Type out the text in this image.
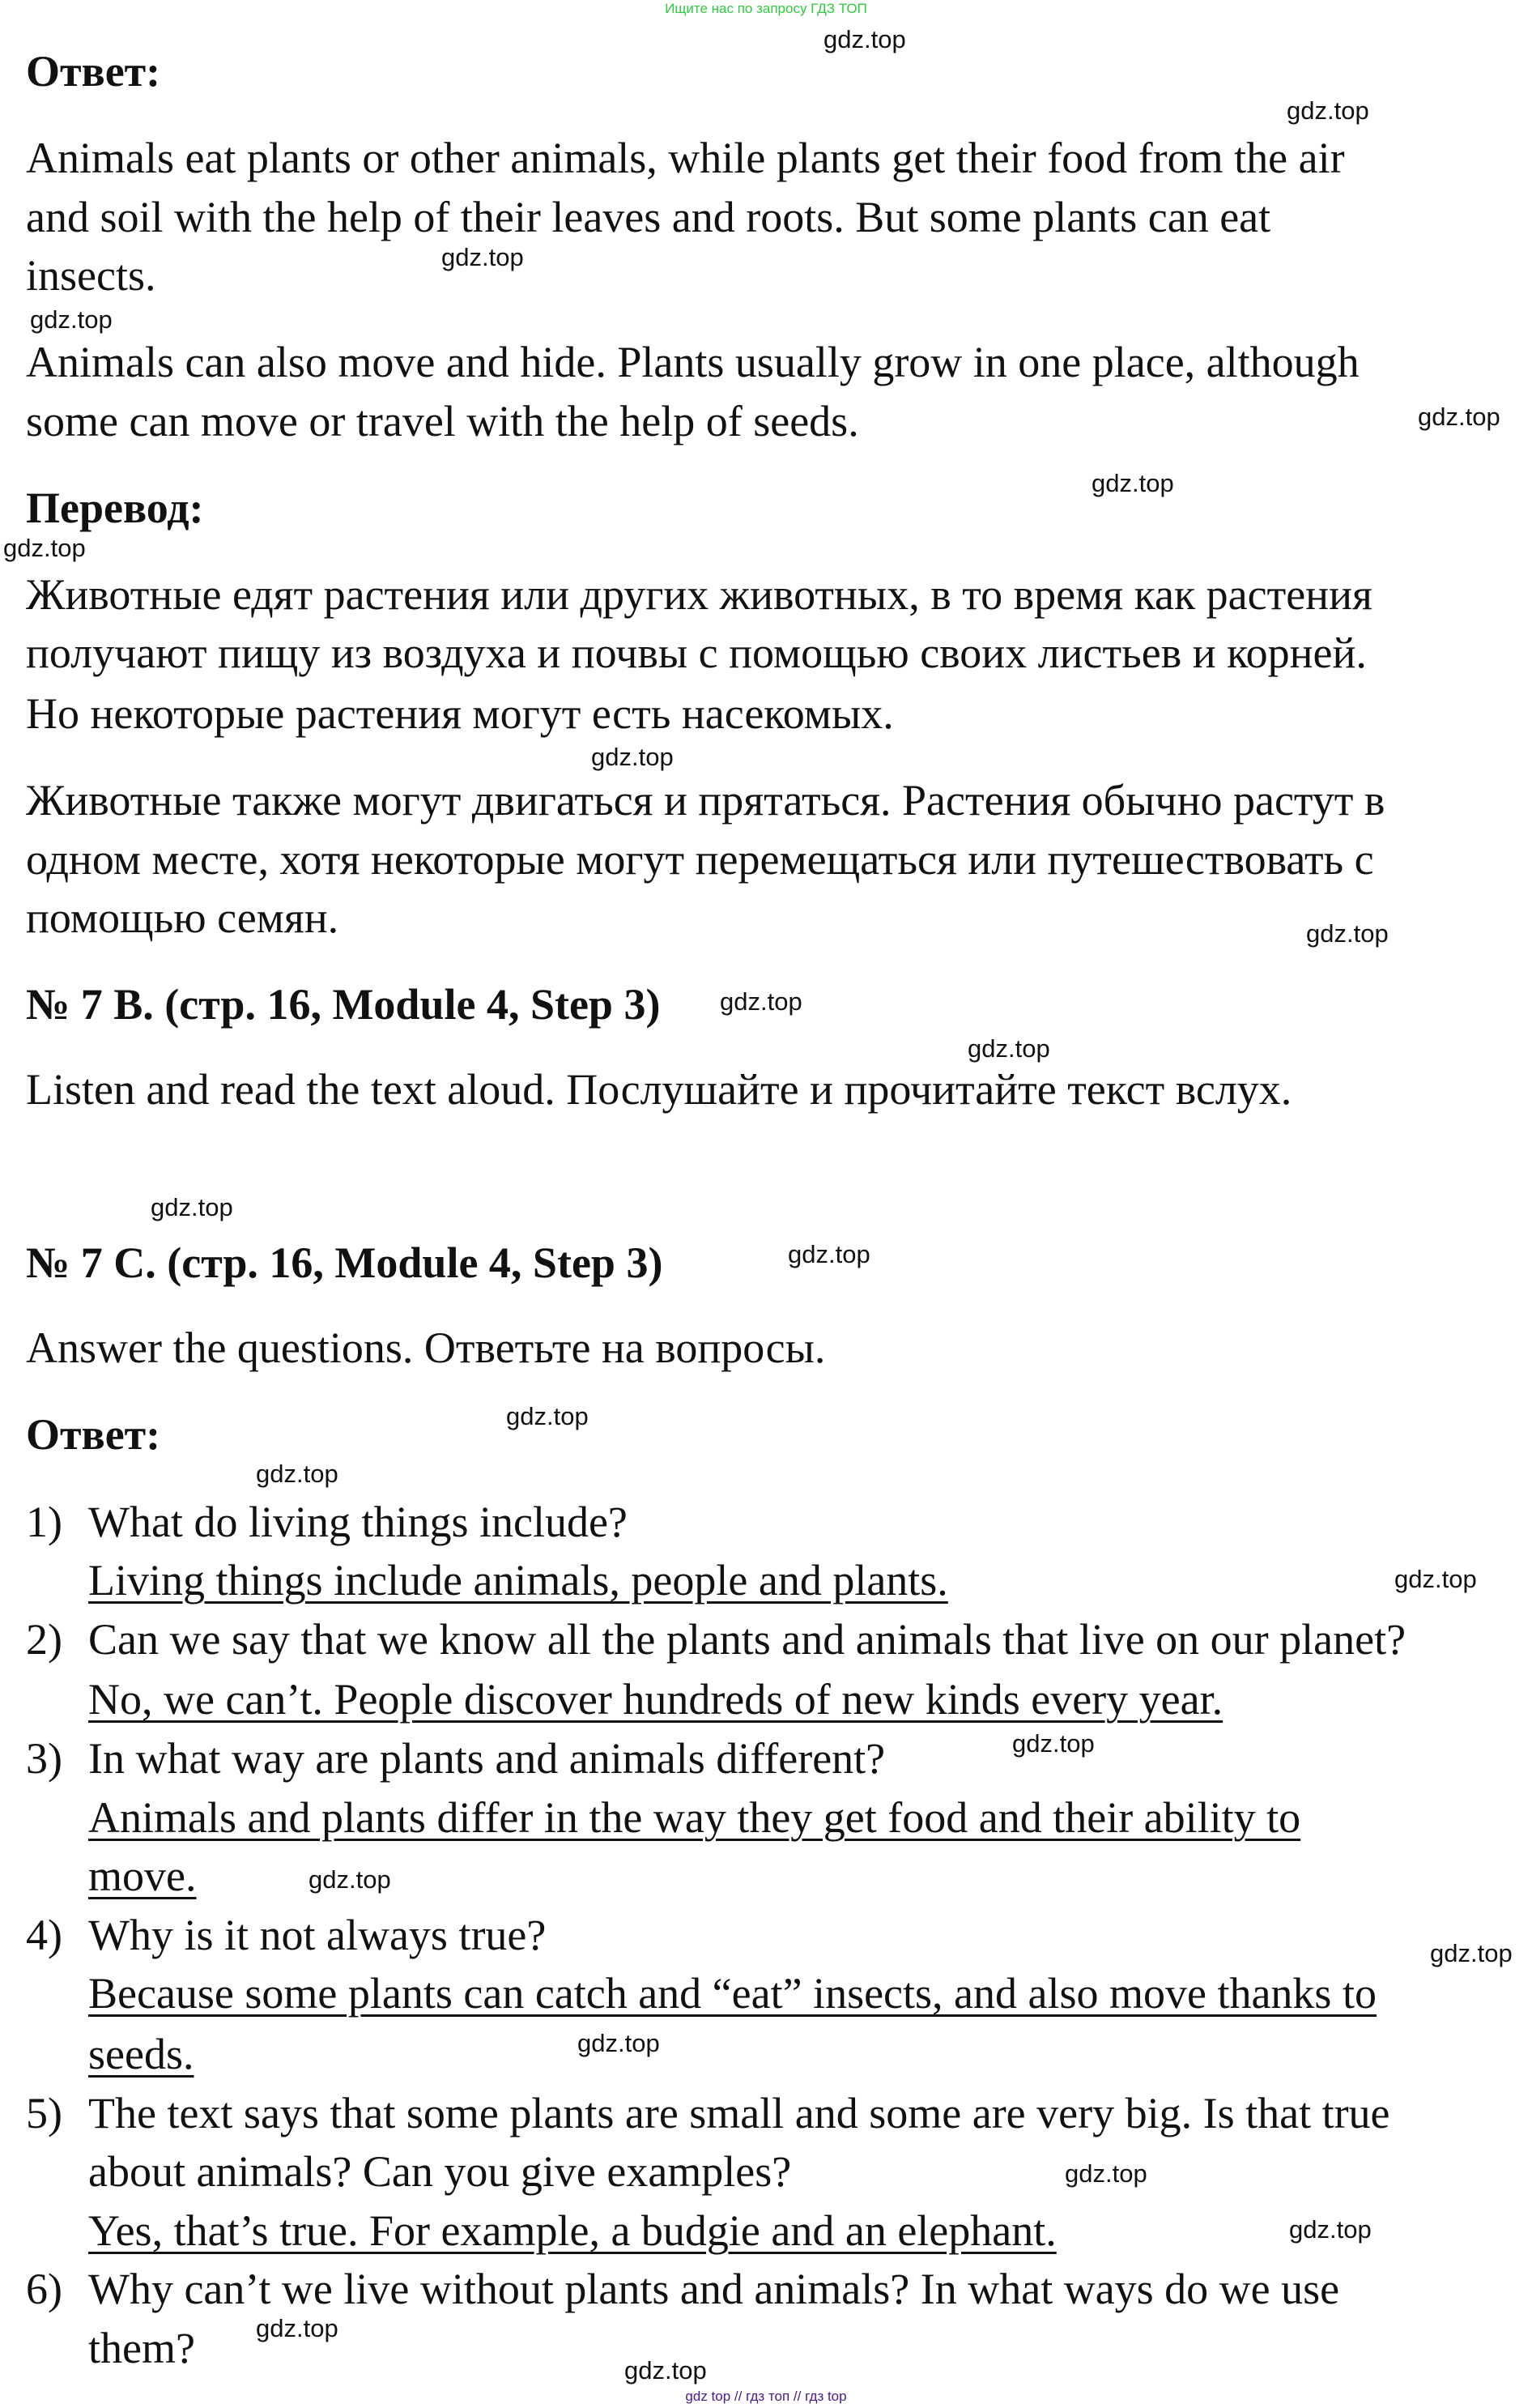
Ищите нас по запросу ГДЗ ТОП
Ответ:
Animals eat plants or other animals, while plants get their food from the air
and soil with the help of their leaves and roots. But some plants can eat
insects.
Animals can also move and hide. Plants usually grow in one place, although
some can move or travel with the help of seeds.
Перевод:
Животные едят растения или других животных, в то время как растения
получают пищу из воздуха и почвы с помощью своих листьев и корней.
Но некоторые растения могут есть насекомых.
Животные также могут двигаться и прятаться. Растения обычно растут в
одном месте, хотя некоторые могут перемещаться или путешествовать с
помощью семян.
№ 7 B. (стр. 16, Module 4, Step 3)
Listen and read the text aloud. Послушайте и прочитайте текст вслух.
№ 7 C. (стр. 16, Module 4, Step 3)
Answer the questions. Ответьте на вопросы.
Ответ:
1) What do living things include?
Living things include animals, people and plants.
2) Can we say that we know all the plants and animals that live on our planet?
No, we can’t. People discover hundreds of new kinds every year.
3) In what way are plants and animals different?
Animals and plants differ in the way they get food and their ability to
move.
4) Why is it not always true?
Because some plants can catch and “eat” insects, and also move thanks to
seeds.
5) The text says that some plants are small and some are very big. Is that true
about animals? Can you give examples?
Yes, that’s true. For example, a budgie and an elephant.
6) Why can’t we live without plants and animals? In what ways do we use
them?
gdz.top
gdz.top
gdz.top
gdz.top
gdz.top
gdz.top
gdz.top
gdz.top
gdz.top
gdz.top
gdz.top
gdz.top
gdz.top
gdz.top
gdz.top
gdz.top
gdz.top
gdz.top
gdz.top
gdz.top
gdz.top
gdz.top
gdz.top
gdz.top
gdz top // гдз топ // гдз top
